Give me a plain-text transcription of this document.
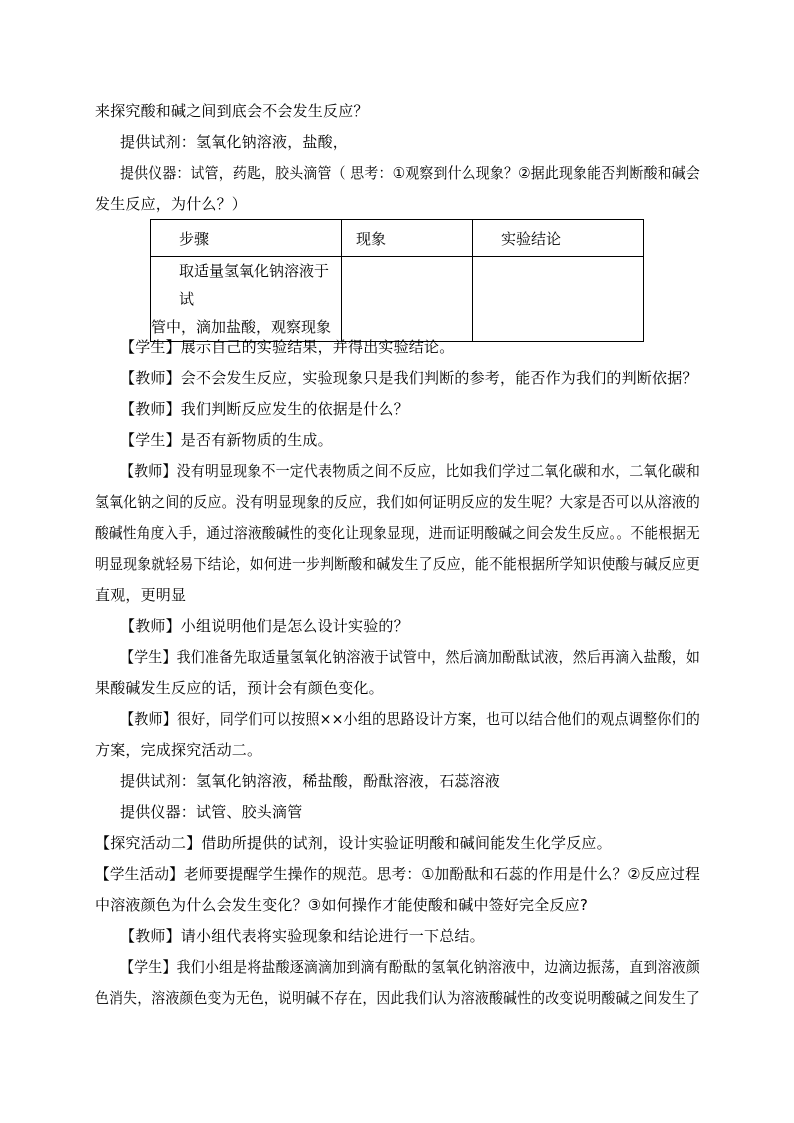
来探究酸和碱之间到底会不会发生反应？
提供试剂：氢氧化钠溶液，盐酸，
提供仪器：试管，药匙，胶头滴管（ 思考：①观察到什么现象？②据此现象能否判断酸和碱会
发生反应，为什么？）
步骤	现象	实验结论

取适量氢氧化钠溶液于试
管中，滴加盐酸，观察现象		

【学生】展示自己的实验结果，并得出实验结论。
【教师】会不会发生反应，实验现象只是我们判断的参考，能否作为我们的判断依据？
【教师】我们判断反应发生的依据是什么？
【学生】是否有新物质的生成。
【教师】没有明显现象不一定代表物质之间不反应，比如我们学过二氧化碳和水，二氧化碳和
氢氧化钠之间的反应。没有明显现象的反应，我们如何证明反应的发生呢？大家是否可以从溶液的
酸碱性角度入手，通过溶液酸碱性的变化让现象显现，进而证明酸碱之间会发生反应。。不能根据无
明显现象就轻易下结论，如何进一步判断酸和碱发生了反应，能不能根据所学知识使酸与碱反应更
直观，更明显
【教师】小组说明他们是怎么设计实验的？
【学生】我们准备先取适量氢氧化钠溶液于试管中，然后滴加酚酞试液，然后再滴入盐酸，如
果酸碱发生反应的话，预计会有颜色变化。
【教师】很好，同学们可以按照××小组的思路设计方案，也可以结合他们的观点调整你们的
方案，完成探究活动二。
提供试剂：氢氧化钠溶液，稀盐酸，酚酞溶液，石蕊溶液
提供仪器：试管、胶头滴管
【探究活动二】借助所提供的试剂，设计实验证明酸和碱间能发生化学反应。
【学生活动】老师要提醒学生操作的规范。思考：①加酚酞和石蕊的作用是什么？②反应过程
中溶液颜色为什么会发生变化？③如何操作才能使酸和碱中签好完全反应?
【教师】请小组代表将实验现象和结论进行一下总结。
【学生】我们小组是将盐酸逐滴滴加到滴有酚酞的氢氧化钠溶液中，边滴边振荡，直到溶液颜
色消失，溶液颜色变为无色，说明碱不存在，因此我们认为溶液酸碱性的改变说明酸碱之间发生了
